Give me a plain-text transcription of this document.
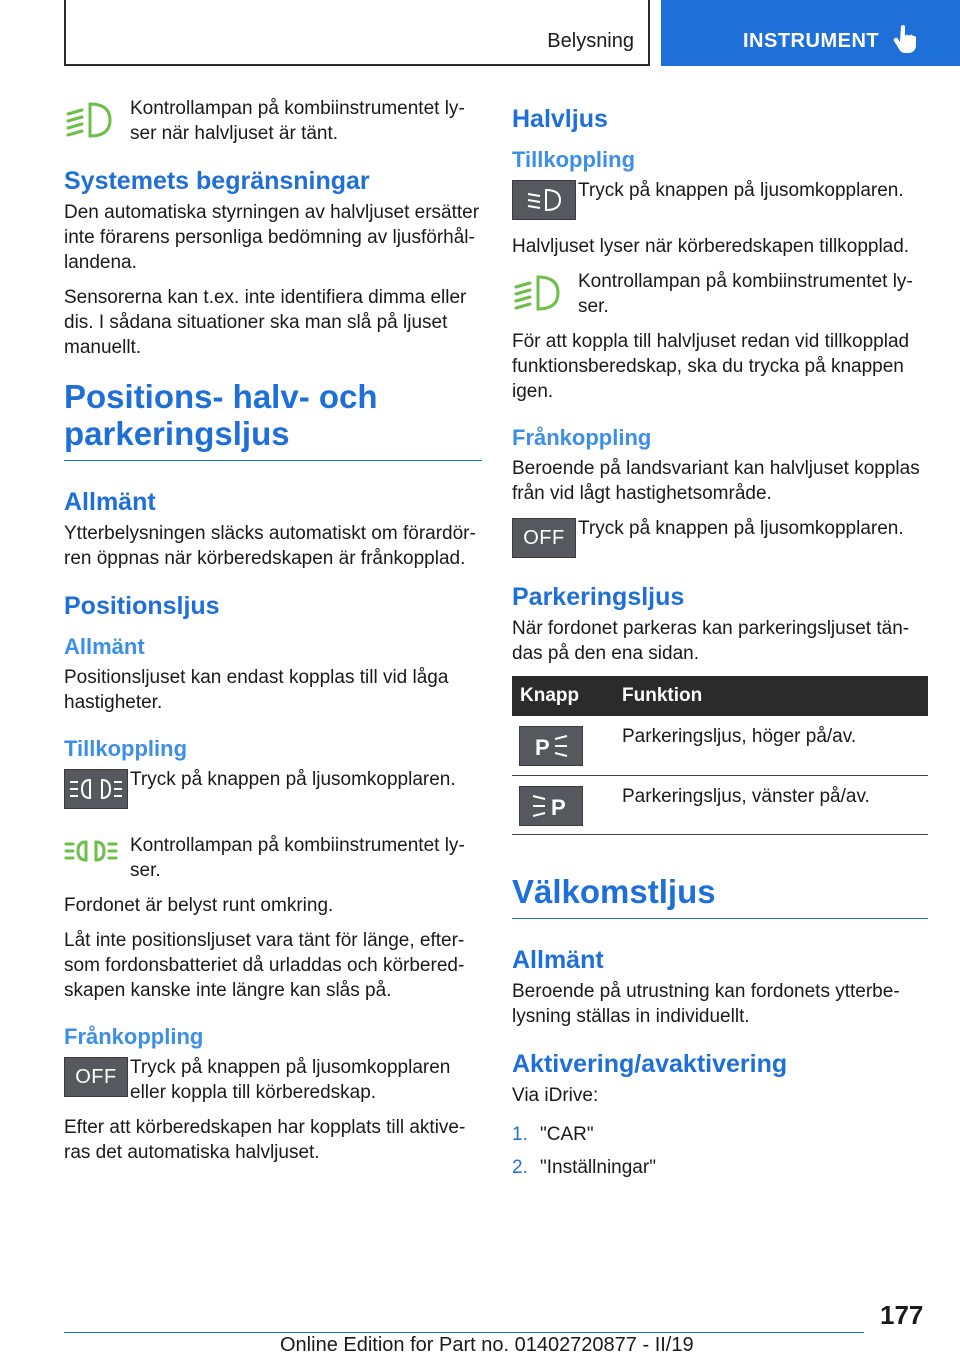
Belysning	INSTRUMENT

Kontrollampan på kombiinstrumentet lyser när halvljuset är tänt.

Systemets begränsningar

Den automatiska styrningen av halvljuset ersätter inte förarens personliga bedömning av ljusförhållandena.

Sensorerna kan t.ex. inte identifiera dimma eller dis. I sådana situationer ska man slå på ljuset manuellt.

Positions- halv- och parkeringsljus
Allmänt

Ytterbelysningen släcks automatiskt om förardörren öppnas när körberedskapen är frånkopplad.

Positionsljus
Allmänt

Positionsljuset kan endast kopplas till vid låga hastigheter.

Tillkoppling

Tryck på knappen på ljusomkopplaren.

Kontrollampan på kombiinstrumentet lyser.

Fordonet är belyst runt omkring.

Låt inte positionsljuset vara tänt för länge, eftersom fordonsbatteriet då urladdas och körberedskapen kanske inte längre kan slås på.

Frånkoppling
OFF Tryck på knappen på ljusomkopplaren eller koppla till körberedskap.

Efter att körberedskapen har kopplats till aktiveras det automatiska halvljuset.

Halvljus
Tillkoppling

Tryck på knappen på ljusomkopplaren.

Halvljuset lyser när körberedskapen tillkopplad.

Kontrollampan på kombiinstrumentet lyser.

För att koppla till halvljuset redan vid tillkopplad funktionsberedskap, ska du trycka på knappen igen.

Frånkoppling

Beroende på landsvariant kan halvljuset kopplas från vid lågt hastighetsområde.

OFF Tryck på knappen på ljusomkopplaren.

Parkeringsljus

När fordonet parkeras kan parkeringsljuset tändas på den ena sidan.

Knapp	Funktion

P	Parkeringsljus, höger på/av.

P	Parkeringsljus, vänster på/av.
Välkomstljus
Allmänt

Beroende på utrustning kan fordonets ytterbelysning ställas in individuellt.

Aktivering/avaktivering

Via iDrive:

1. "CAR"
2. "Inställningar"
177
Online Edition for Part no. 01402720877 - II/19
